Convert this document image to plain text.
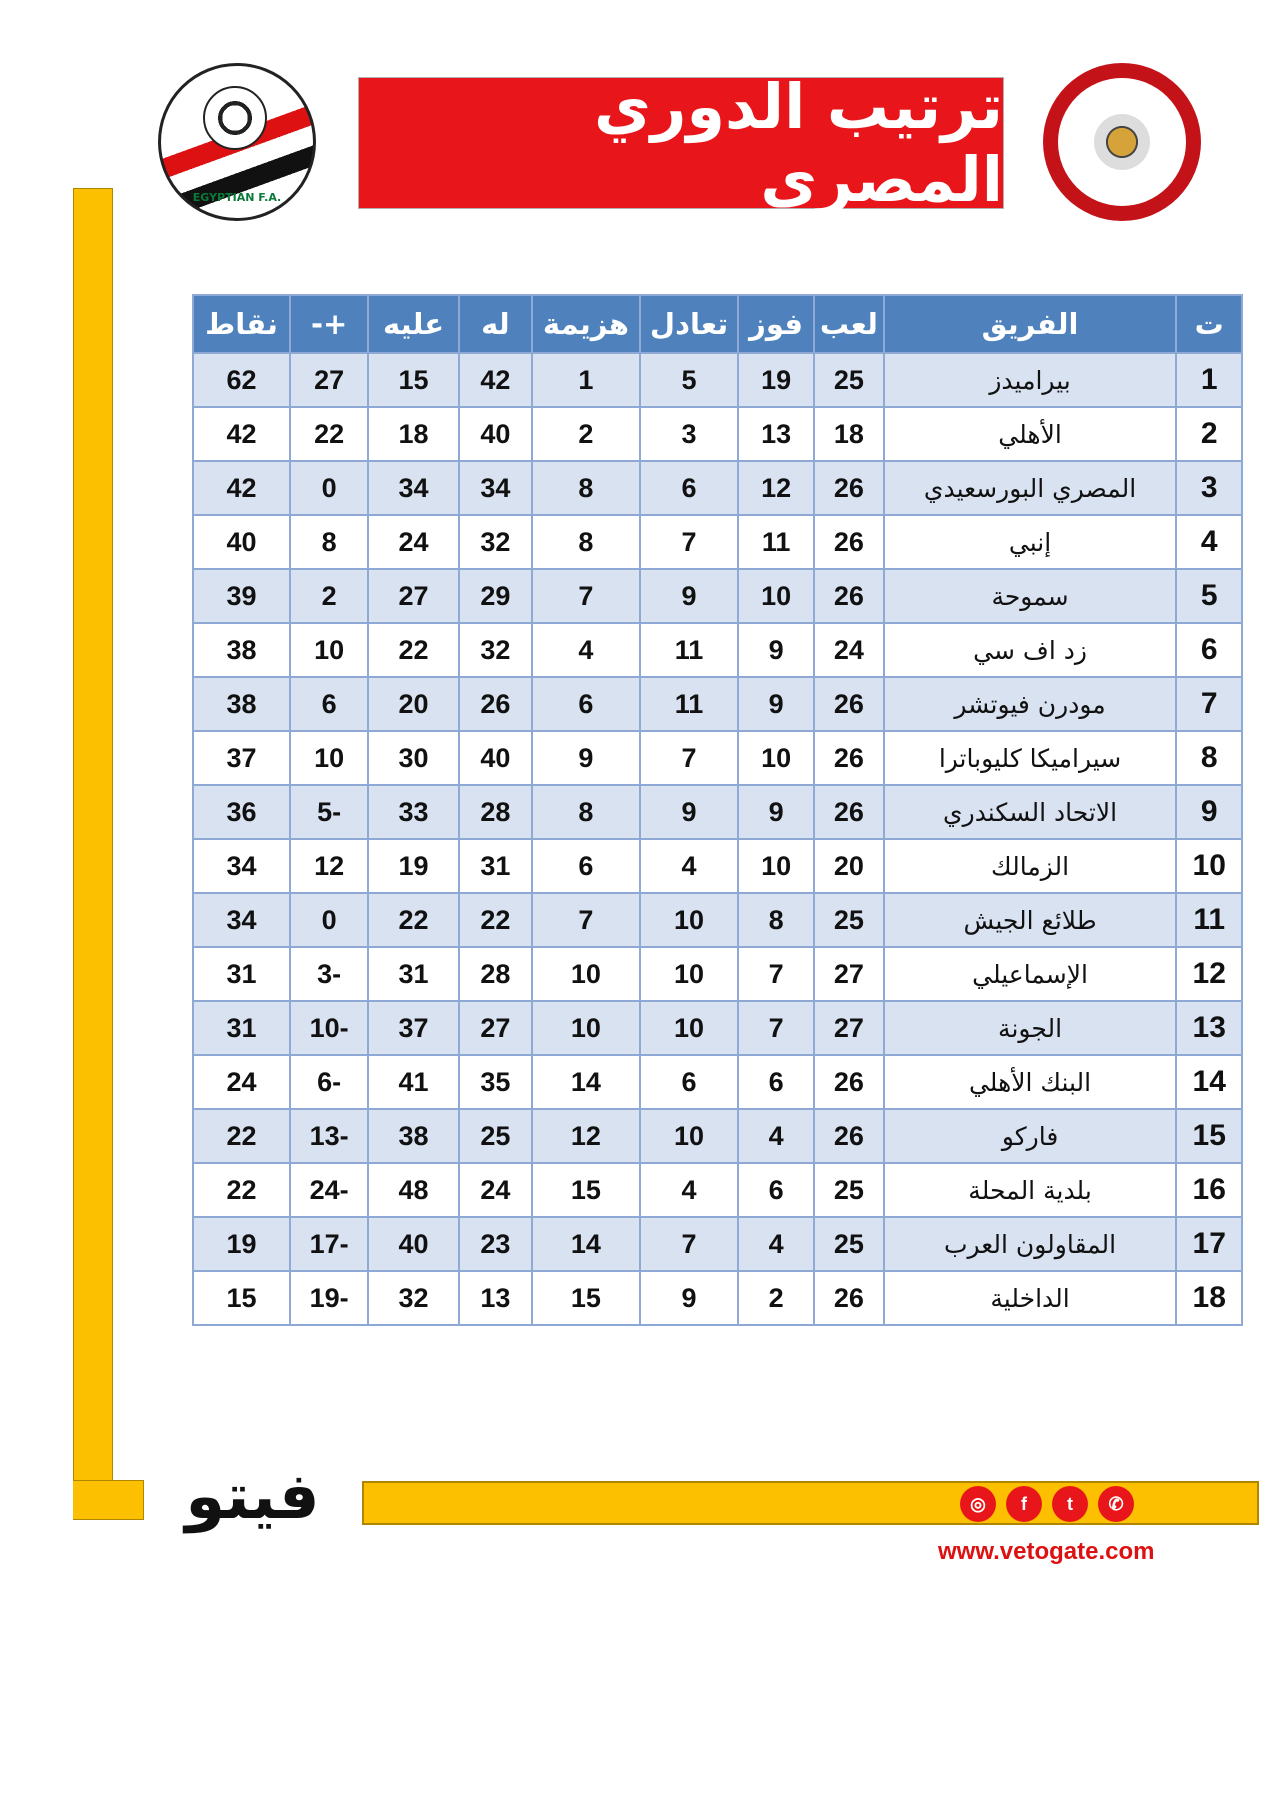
EGYPTIAN F.A.
ترتيب الدوري المصري
ت	الفريق	لعب	فوز	تعادل	هزيمة	له	عليه	+-	نقاط
1	بيراميدز	25	19	5	1	42	15	27	62
2	الأهلي	18	13	3	2	40	18	22	42
3	المصري البورسعيدي	26	12	6	8	34	34	0	42
4	إنبي	26	11	7	8	32	24	8	40
5	سموحة	26	10	9	7	29	27	2	39
6	زد اف سي	24	9	11	4	32	22	10	38
7	مودرن فيوتشر	26	9	11	6	26	20	6	38
8	سيراميكا كليوباترا	26	10	7	9	40	30	10	37
9	الاتحاد السكندري	26	9	9	8	28	33	-5	36
10	الزمالك	20	10	4	6	31	19	12	34
11	طلائع الجيش	25	8	10	7	22	22	0	34
12	الإسماعيلي	27	7	10	10	28	31	-3	31
13	الجونة	27	7	10	10	27	37	-10	31
14	البنك الأهلي	26	6	6	14	35	41	-6	24
15	فاركو	26	4	10	12	25	38	-13	22
16	بلدية المحلة	25	6	4	15	24	48	-24	22
17	المقاولون العرب	25	4	7	14	23	40	-17	19
18	الداخلية	26	2	9	15	13	32	-19	15
فيتو	◎	f	t	✆
www.vetogate.com
